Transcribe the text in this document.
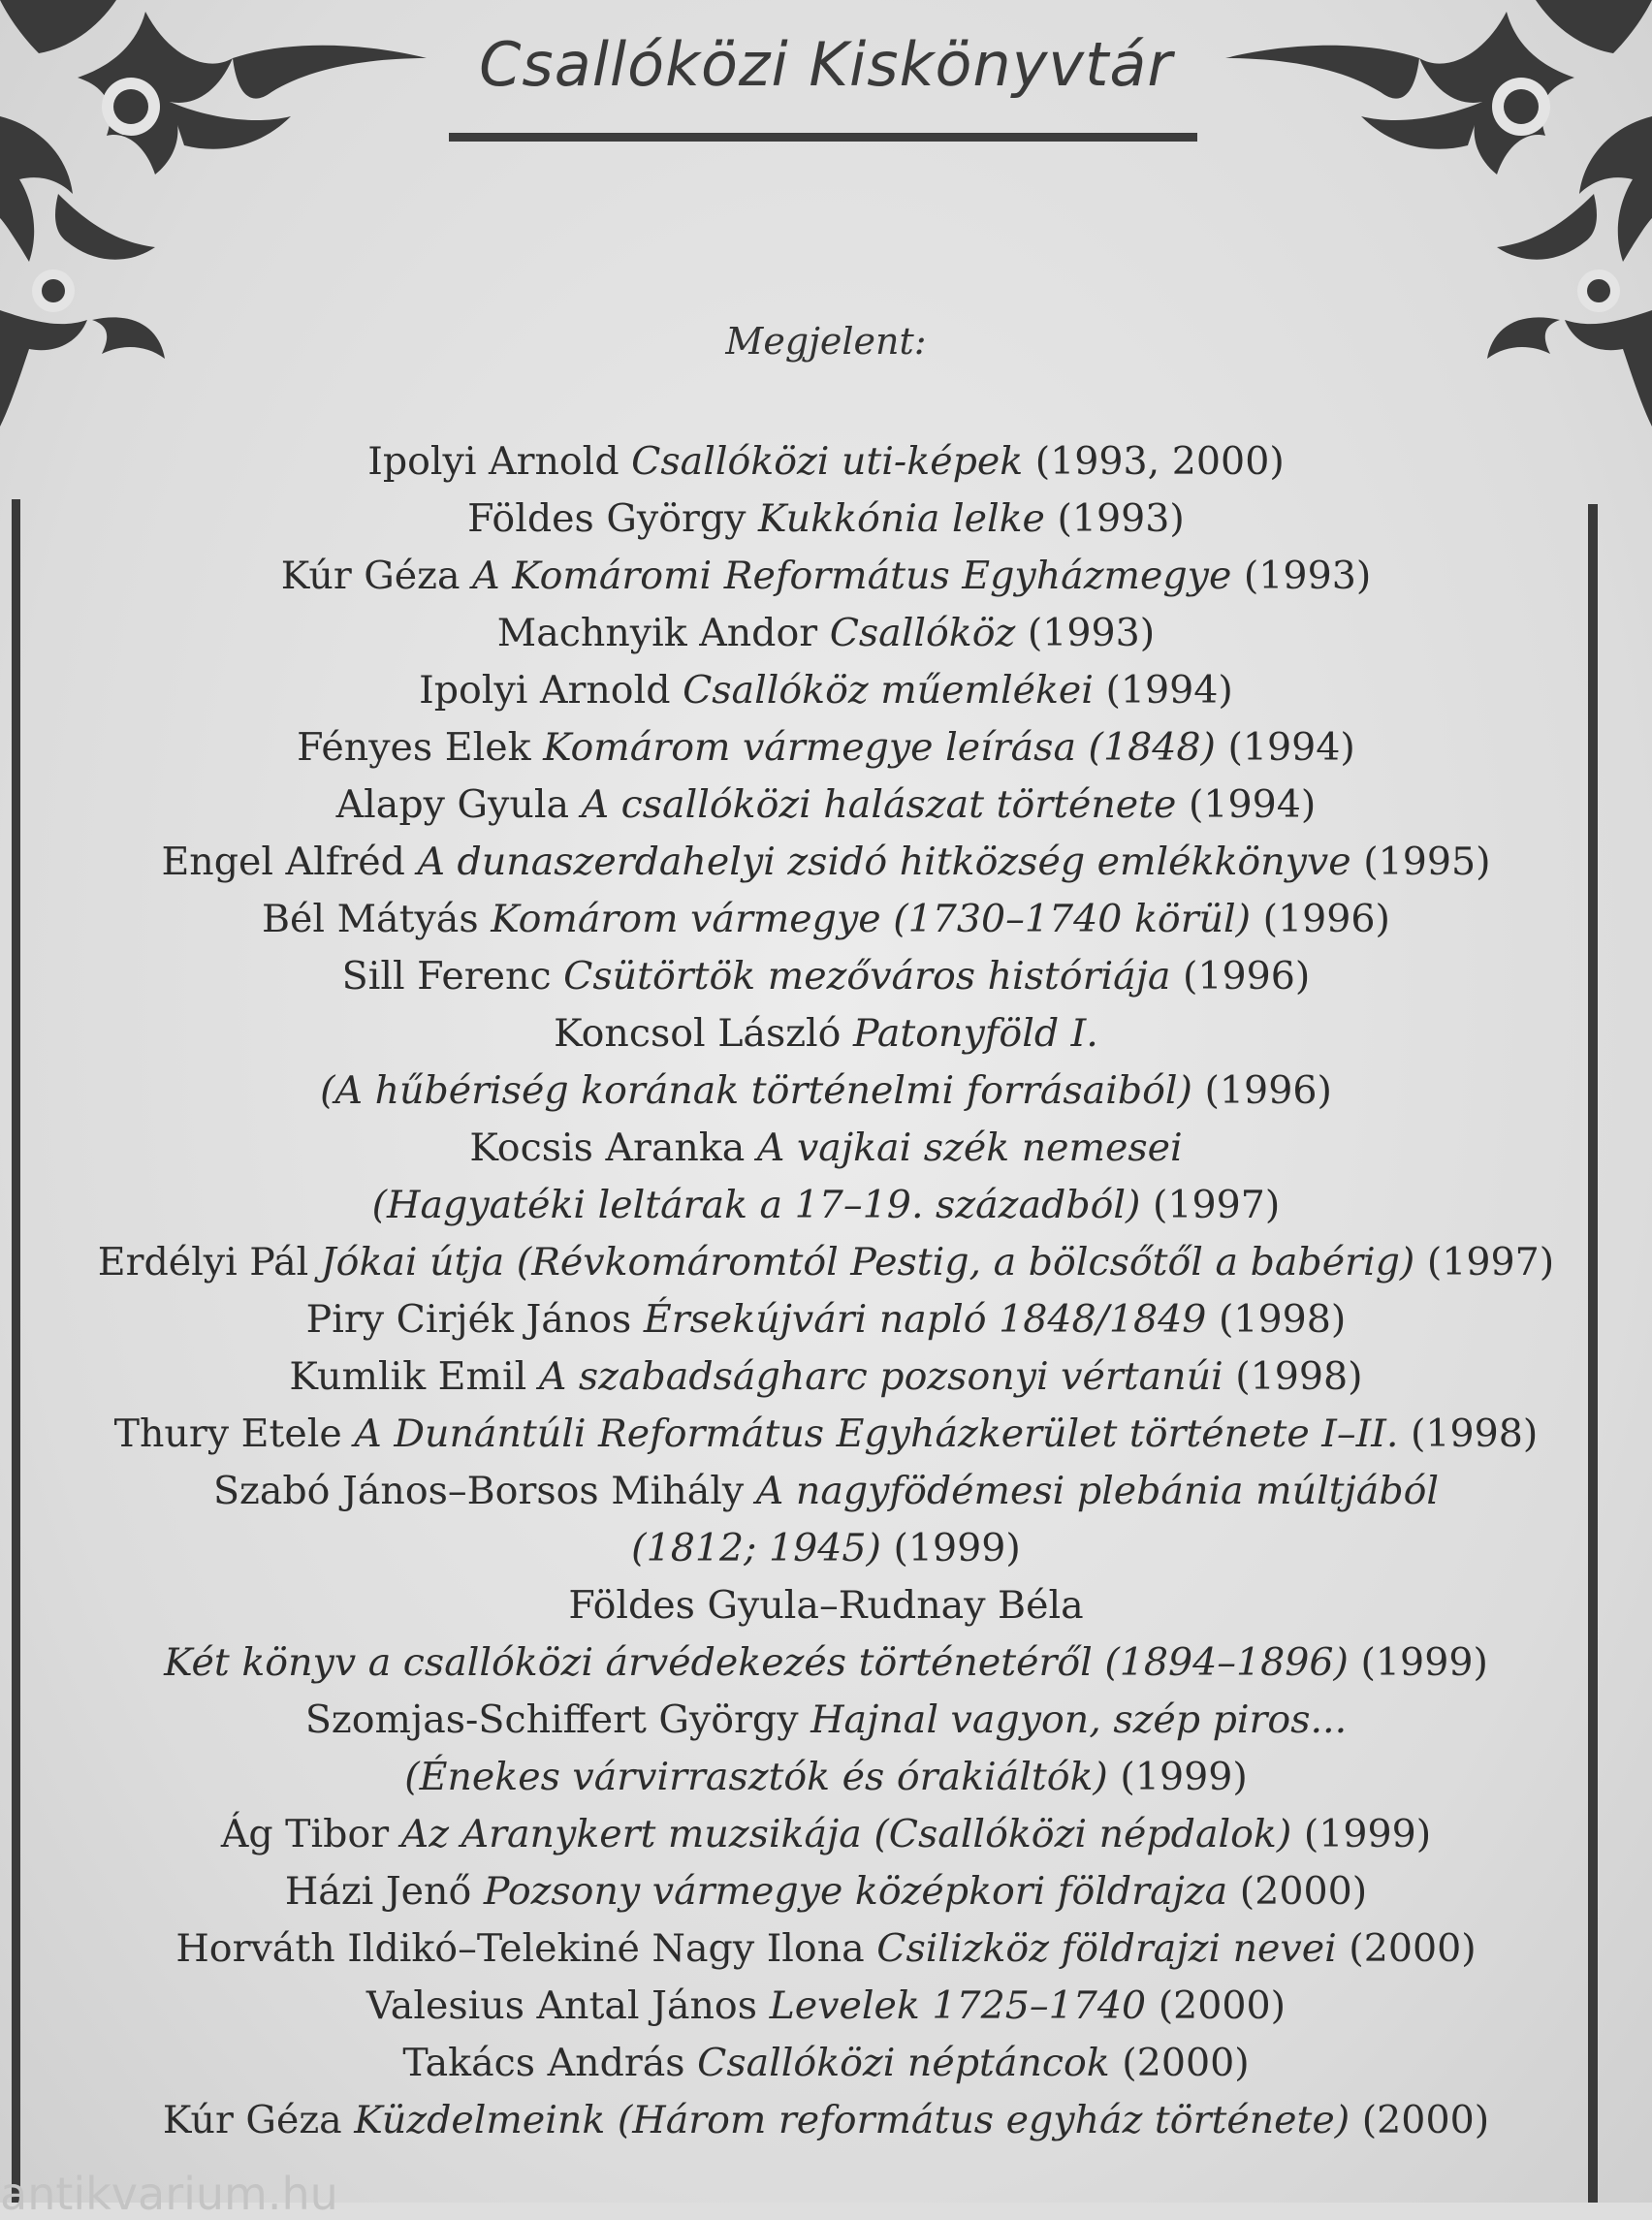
Csallóközi Kiskönyvtár
Megjelent:
Ipolyi Arnold Csallóközi uti-képek (1993, 2000)
Földes György Kukkónia lelke (1993)
Kúr Géza A Komáromi Református Egyházmegye (1993)
Machnyik Andor Csallóköz (1993)
Ipolyi Arnold Csallóköz műemlékei (1994)
Fényes Elek Komárom vármegye leírása (1848) (1994)
Alapy Gyula A csallóközi halászat története (1994)
Engel Alfréd A dunaszerdahelyi zsidó hitközség emlékkönyve (1995)
Bél Mátyás Komárom vármegye (1730–1740 körül) (1996)
Sill Ferenc Csütörtök mezőváros históriája (1996)
Koncsol László Patonyföld I.
(A hűbériség korának történelmi forrásaiból) (1996)
Kocsis Aranka A vajkai szék nemesei
(Hagyatéki leltárak a 17–19. századból) (1997)
Erdélyi Pál Jókai útja (Révkomáromtól Pestig, a bölcsőtől a babérig) (1997)
Piry Cirjék János Érsekújvári napló 1848/1849 (1998)
Kumlik Emil A szabadságharc pozsonyi vértanúi (1998)
Thury Etele A Dunántúli Református Egyházkerület története I–II. (1998)
Szabó János–Borsos Mihály A nagyfödémesi plebánia múltjából
(1812; 1945) (1999)
Földes Gyula–Rudnay Béla
Két könyv a csallóközi árvédekezés történetéről (1894–1896) (1999)
Szomjas-Schiffert György Hajnal vagyon, szép piros...
(Énekes várvirrasztók és órakiáltók) (1999)
Ág Tibor Az Aranykert muzsikája (Csallóközi népdalok) (1999)
Házi Jenő Pozsony vármegye középkori földrajza (2000)
Horváth Ildikó–Telekiné Nagy Ilona Csilizköz földrajzi nevei (2000)
Valesius Antal János Levelek 1725–1740 (2000)
Takács András Csallóközi néptáncok (2000)
Kúr Géza Küzdelmeink (Három református egyház története) (2000)
antikvarium.hu
